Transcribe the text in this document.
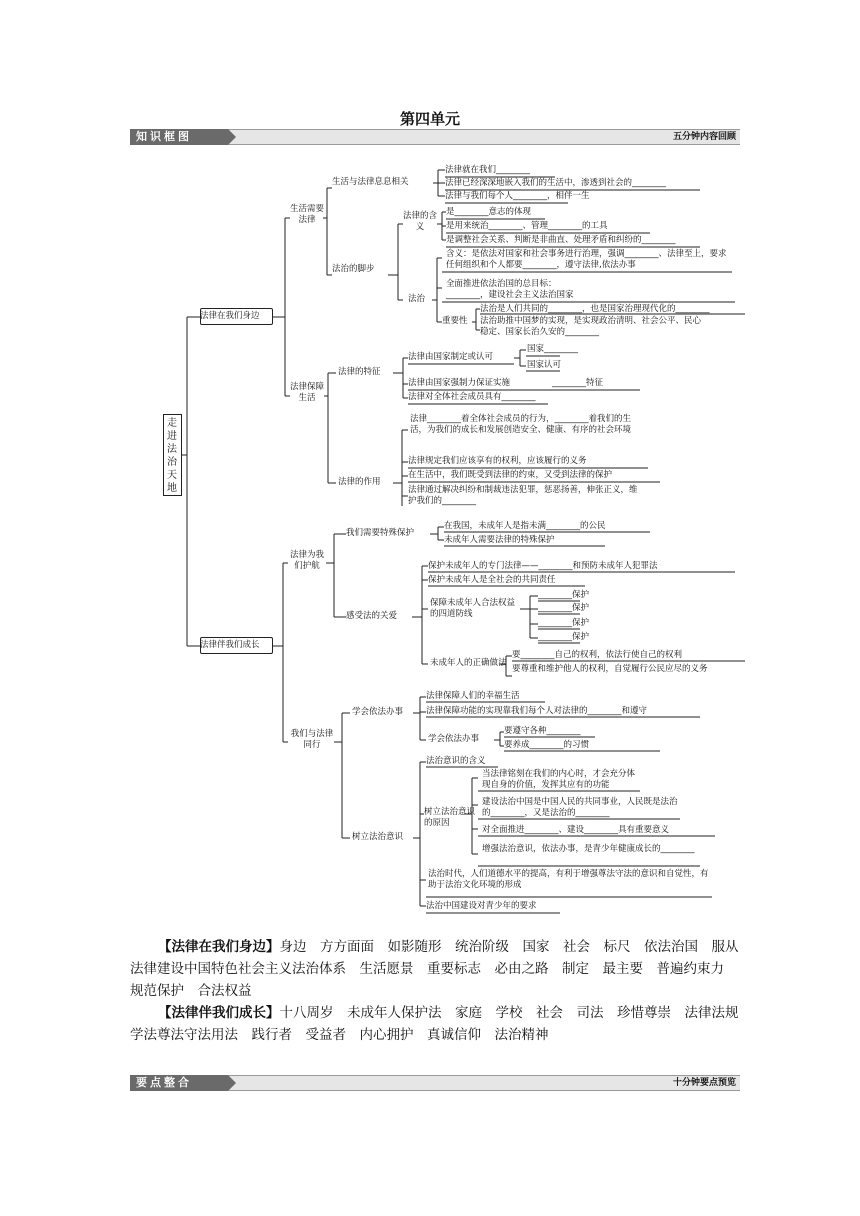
第四单元
知识框图	五分钟内容回顾
走进法治天地
法律在我们身边
生活需要法律
生活与法律息息相关
法律就在我们________
法律已经深深地嵌入我们的生活中，渗透到社会的________
法律与我们每个人________，相伴一生
法治的脚步
法律的含义
是________意志的体现
是用来统治________、管理________的工具
是调整社会关系、判断是非曲直、处理矛盾和纠纷的________
法治
含义：是依法对国家和社会事务进行治理，强调________、法律至上，要求任何组织和个人都要________，遵守法律,依法办事
全面推进依法治国的总目标：________，建设社会主义法治国家
重要性
法治是人们共同的________，也是国家治理现代化的________
法治助推中国梦的实现，是实现政治清明、社会公平、民心稳定、国家长治久安的________
法律保障生活
法律的特征
法律由国家制定或认可
国家________
国家认可
法律由国家强制力保证实施	________特征
法律对全体社会成员具有________
法律的作用
法律________着全体社会成员的行为，________着我们的生活，为我们的成长和发展创造安全、健康、有序的社会环境
法律规定我们应该享有的权利，应该履行的义务
在生活中，我们既受到法律的约束，又受到法律的保护
法律通过解决纠纷和制裁违法犯罪，惩恶扬善，伸张正义，维护我们的________
法律伴我们成长
法律为我们护航
我们需要特殊保护
在我国，未成年人是指未满________的公民
未成年人需要法律的特殊保护
感受法的关爱
保护未成年人的专门法律——________和预防未成年人犯罪法
保护未成年人是全社会的共同责任
保障未成年人合法权益的四道防线
________保护
________保护
________保护
________保护
未成年人的正确做法
要________自己的权利，依法行使自己的权利
要尊重和维护他人的权利，自觉履行公民应尽的义务
我们与法律同行
学会依法办事
法律保障人们的幸福生活
法律保障功能的实现靠我们每个人对法律的________和遵守
学会依法办事
要遵守各种________
要养成________的习惯
树立法治意识
法治意识的含义
法治时代，人们道德水平的提高，有利于增强尊法守法的意识和自觉性，有助于法治文化环境的形成
法治中国建设对青少年的要求
树立法治意识的原因
当法律铭刻在我们的内心时，才会充分体现自身的价值，发挥其应有的功能
建设法治中国是中国人民的共同事业，人民既是法治的________，又是法治的________
对全面推进________、建设________具有重要意义
增强法治意识，依法办事，是青少年健康成长的________
【法律在我们身边】身边　方方面面　如影随形　统治阶级　国家　社会　标尺　依法治国　服从法律建设中国特色社会主义法治体系　生活愿景　重要标志　必由之路　制定　最主要　普遍约束力　规范保护　合法权益
【法律伴我们成长】十八周岁　未成年人保护法　家庭　学校　社会　司法　珍惜尊崇　法律法规　学法尊法守法用法　践行者　受益者　内心拥护　真诚信仰　法治精神
要点整合	十分钟要点预览
